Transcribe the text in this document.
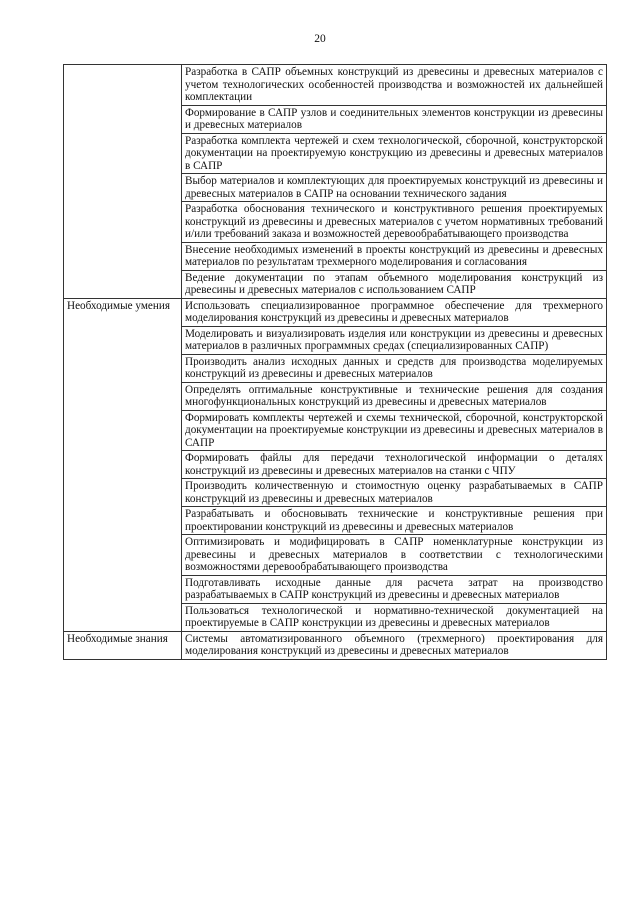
20
	Разработка в САПР объемных конструкций из древесины и древесных материалов с учетом технологических особенностей производства и возможностей их дальнейшей комплектации
	Формирование в САПР узлов и соединительных элементов конструкции из древесины и древесных материалов
	Разработка комплекта чертежей и схем технологической, сборочной, конструкторской документации на проектируемую конструкцию из древесины и древесных материалов в САПР
	Выбор материалов и комплектующих для проектируемых конструкций из древесины и древесных материалов в САПР на основании технического задания
	Разработка обоснования технического и конструктивного решения проектируемых конструкций из древесины и древесных материалов с учетом нормативных требований и/или требований заказа и возможностей деревообрабатывающего производства
	Внесение необходимых изменений в проекты конструкций из древесины и древесных материалов по результатам трехмерного моделирования и согласования
	Ведение документации по этапам объемного моделирования конструкций из древесины и древесных материалов с использованием САПР
Необходимые умения	Использовать специализированное программное обеспечение для трехмерного моделирования конструкций из древесины и древесных материалов
	Моделировать и визуализировать изделия или конструкции из древесины и древесных материалов в различных программных средах (специализированных САПР)
	Производить анализ исходных данных и средств для производства моделируемых конструкций из древесины и древесных материалов
	Определять оптимальные конструктивные и технические решения для создания многофункциональных конструкций из древесины и древесных материалов
	Формировать комплекты чертежей и схемы технической, сборочной, конструкторской документации на проектируемые конструкции из древесины и древесных материалов в САПР
	Формировать файлы для передачи технологической информации о деталях конструкций из древесины и древесных материалов на станки с ЧПУ
	Производить количественную и стоимостную оценку разрабатываемых в САПР конструкций из древесины и древесных материалов
	Разрабатывать и обосновывать технические и конструктивные решения при проектировании конструкций из древесины и древесных материалов
	Оптимизировать и модифицировать в САПР номенклатурные конструкции из древесины и древесных материалов в соответствии с технологическими возможностями деревообрабатывающего производства
	Подготавливать исходные данные для расчета затрат на производство разрабатываемых в САПР конструкций из древесины и древесных материалов
	Пользоваться технологической и нормативно-технической документацией на проектируемые в САПР конструкции из древесины и древесных материалов
Необходимые знания	Системы автоматизированного объемного (трехмерного) проектирования для моделирования конструкций из древесины и древесных материалов
